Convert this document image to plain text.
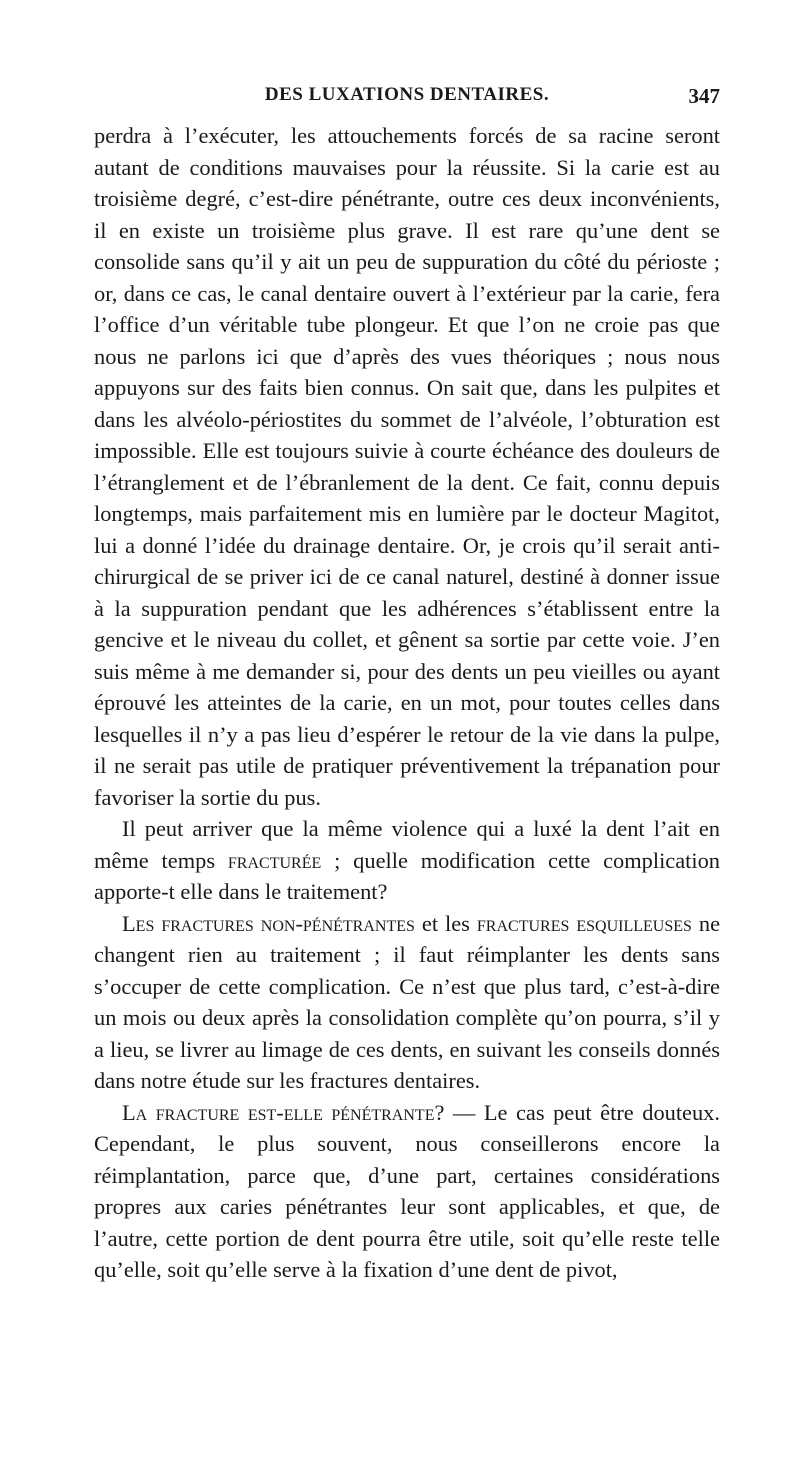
DES LUXATIONS DENTAIRES.	347

perdra à l’exécuter, les attouchements forcés de sa racine seront autant de conditions mauvaises pour la réussite. Si la carie est au troisième degré, c’est-dire pénétrante, outre ces deux inconvénients, il en existe un troisième plus grave. Il est rare qu’une dent se consolide sans qu’il y ait un peu de suppuration du côté du périoste ; or, dans ce cas, le canal dentaire ouvert à l’extérieur par la carie, fera l’office d’un véritable tube plongeur. Et que l’on ne croie pas que nous ne parlons ici que d’après des vues théoriques ; nous nous appuyons sur des faits bien connus. On sait que, dans les pulpites et dans les alvéolo-périostites du sommet de l’alvéole, l’obturation est impossible. Elle est toujours suivie à courte échéance des douleurs de l’étranglement et de l’ébranlement de la dent. Ce fait, connu depuis longtemps, mais parfaitement mis en lumière par le docteur Magitot, lui a donné l’idée du drainage dentaire. Or, je crois qu’il serait anti-chirurgical de se priver ici de ce canal naturel, destiné à donner issue à la suppuration pendant que les adhérences s’établissent entre la gencive et le niveau du collet, et gênent sa sortie par cette voie. J’en suis même à me demander si, pour des dents un peu vieilles ou ayant éprouvé les atteintes de la carie, en un mot, pour toutes celles dans lesquelles il n’y a pas lieu d’espérer le retour de la vie dans la pulpe, il ne serait pas utile de pratiquer préventivement la trépanation pour favoriser la sortie du pus.

Il peut arriver que la même violence qui a luxé la dent l’ait en même temps fracturée ; quelle modification cette complication apporte-t elle dans le traitement?

Les fractures non-pénétrantes et les fractures esquilleuses ne changent rien au traitement ; il faut réimplanter les dents sans s’occuper de cette complication. Ce n’est que plus tard, c’est-à-dire un mois ou deux après la consolidation complète qu’on pourra, s’il y a lieu, se livrer au limage de ces dents, en suivant les conseils donnés dans notre étude sur les fractures dentaires.

La fracture est-elle pénétrante? — Le cas peut être douteux. Cependant, le plus souvent, nous conseillerons encore la réimplantation, parce que, d’une part, certaines considérations propres aux caries pénétrantes leur sont applicables, et que, de l’autre, cette portion de dent pourra être utile, soit qu’elle reste telle qu’elle, soit qu’elle serve à la fixation d’une dent de pivot,
